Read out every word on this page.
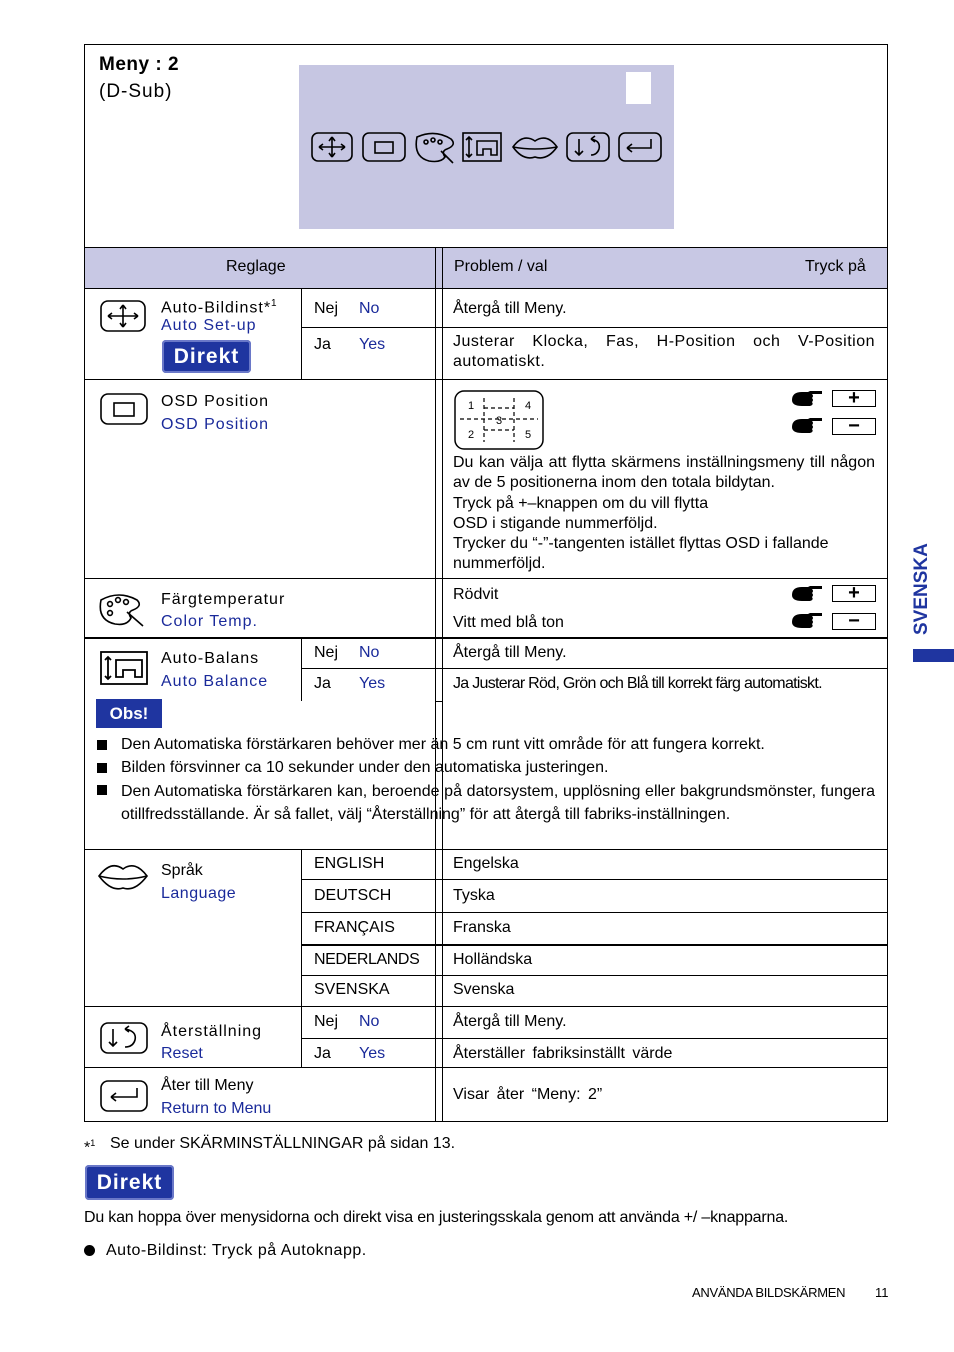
Meny : 2
(D-Sub)
Reglage	Problem / val	Tryck på
Auto-Bildinst*$^1$
Auto Set-up
Direkt
Nej No	Återgå till Meny.
Ja Yes	Justerar Klocka, Fas, H-Position och V-Position automatiskt.
OSD Position
OSD Position
1	4
3
2	5
+
−
Du kan välja att flytta skärmens inställningsmeny till någon av de 5 positionerna inom den totala bildytan.
Tryck på +–knappen om du vill flytta
OSD i stigande nummerföljd.
Trycker du “-”-tangenten istället flyttas OSD i fallande nummerföljd.
Färgtemperatur
Color Temp.
Rödvit
Vitt med blå ton
+
−
Auto-Balans
Auto Balance
Nej No	Återgå till Meny.
Ja Yes	Ja Justerar Röd, Grön och Blå till korrekt färg automatiskt.
Obs!
Den Automatiska förstärkaren behöver mer än 5 cm runt vitt område för att fungera korrekt.
Bilden försvinner ca 10 sekunder under den automatiska justeringen.
Den Automatiska förstärkaren kan, beroende på datorsystem, upplösning eller bakgrundsmönster, fungera otillfredsställande. Är så fallet, välj “Återställning” för att återgå till fabriks-inställningen.
Språk
Language
ENGLISH	Engelska
DEUTSCH	Tyska
FRANÇAIS	Franska
NEDERLANDS Holländska
SVENSKA	Svenska
Återställning
Reset
Nej No	Återgå till Meny.
Ja Yes	Återställer fabriksinställt värde
Åter till Meny
Return to Menu
Visar åter “Meny: 2”
*$^1$ Se under SKÄRMINSTÄLLNINGAR på sidan 13.
Direkt
Du kan hoppa över menysidorna och direkt visa en justeringsskala genom att använda +/ –knapparna.
Auto-Bildinst: Tryck på Autoknapp.
SVENSKA
ANVÄNDA BILDSKÄRMEN 11
